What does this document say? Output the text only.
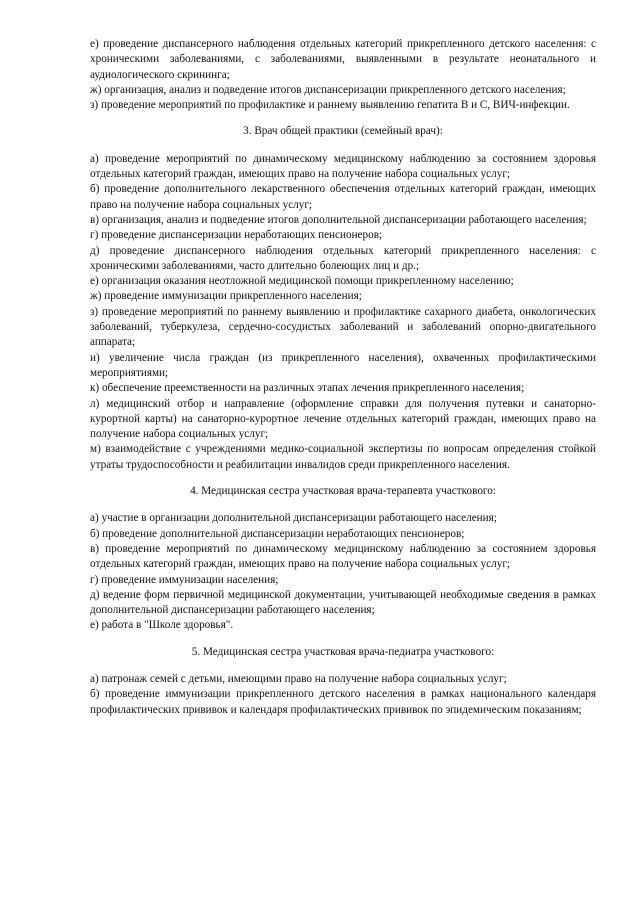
е) проведение диспансерного наблюдения отдельных категорий прикрепленного детского населения: с хроническими заболеваниями, с заболеваниями, выявленными в результате неонатального и аудиологического скрининга;

ж) организация, анализ и подведение итогов диспансеризации прикрепленного детского населения;

з) проведение мероприятий по профилактике и раннему выявлению гепатита В и С, ВИЧ-инфекции.

3. Врач общей практики (семейный врач):

а) проведение мероприятий по динамическому медицинскому наблюдению за состоянием здоровья отдельных категорий граждан, имеющих право на получение набора социальных услуг;

б) проведение дополнительного лекарственного обеспечения отдельных категорий граждан, имеющих право на получение набора социальных услуг;

в) организация, анализ и подведение итогов дополнительной диспансеризации работающего населения;

г) проведение диспансеризации неработающих пенсионеров;

д) проведение диспансерного наблюдения отдельных категорий прикрепленного населения: с хроническими заболеваниями, часто длительно болеющих лиц и др.;

е) организация оказания неотложной медицинской помощи прикрепленному населению;

ж) проведение иммунизации прикрепленного населения;

з) проведение мероприятий по раннему выявлению и профилактике сахарного диабета, онкологических заболеваний, туберкулеза, сердечно-сосудистых заболеваний и заболеваний опорно-двигательного аппарата;

и) увеличение числа граждан (из прикрепленного населения), охваченных профилактическими мероприятиями;

к) обеспечение преемственности на различных этапах лечения прикрепленного населения;

л) медицинский отбор и направление (оформление справки для получения путевки и санаторно-курортной карты) на санаторно-курортное лечение отдельных категорий граждан, имеющих право на получение набора социальных услуг;

м) взаимодействие с учреждениями медико-социальной экспертизы по вопросам определения стойкой утраты трудоспособности и реабилитации инвалидов среди прикрепленного населения.

4. Медицинская сестра участковая врача-терапевта участкового:

а) участие в организации дополнительной диспансеризации работающего населения;

б) проведение дополнительной диспансеризации неработающих пенсионеров;

в) проведение мероприятий по динамическому медицинскому наблюдению за состоянием здоровья отдельных категорий граждан, имеющих право на получение набора социальных услуг;

г) проведение иммунизации населения;

д) ведение форм первичной медицинской документации, учитывающей необходимые сведения в рамках дополнительной диспансеризации работающего населения;

е) работа в "Школе здоровья".

5. Медицинская сестра участковая врача-педиатра участкового:

а) патронаж семей с детьми, имеющими право на получение набора социальных услуг;

б) проведение иммунизации прикрепленного детского населения в рамках национального календаря профилактических прививок и календаря профилактических прививок по эпидемическим показаниям;
